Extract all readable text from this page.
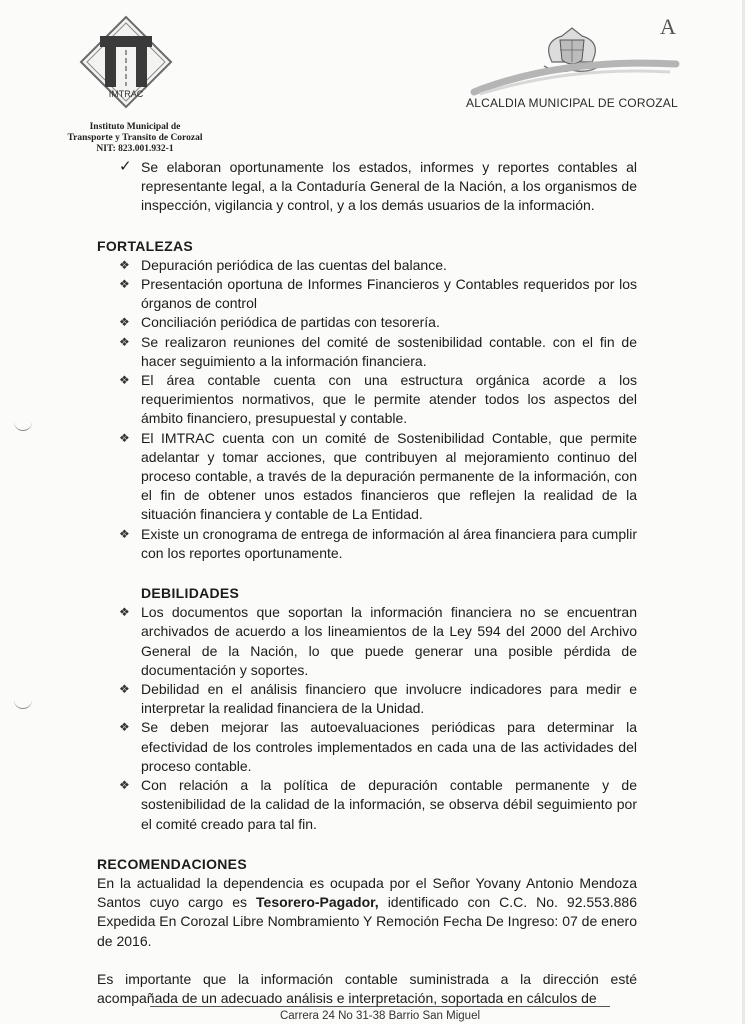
IMTRAC
Instituto Municipal de
Transporte y Transito de Corozal
NIT: 823.001.932-1
A
ALCALDIA MUNICIPAL DE COROZAL
✓ Se elaboran oportunamente los estados, informes y reportes contables al representante legal, a la Contaduría General de la Nación, a los organismos de inspección, vigilancia y control, y a los demás usuarios de la información.
FORTALEZAS
❖ Depuración periódica de las cuentas del balance.
❖ Presentación oportuna de Informes Financieros y Contables requeridos por los órganos de control
❖ Conciliación periódica de partidas con tesorería.
❖ Se realizaron reuniones del comité de sostenibilidad contable. con el fin de hacer seguimiento a la información financiera.
❖ El área contable cuenta con una estructura orgánica acorde a los requerimientos normativos, que le permite atender todos los aspectos del ámbito financiero, presupuestal y contable.
❖ El IMTRAC cuenta con un comité de Sostenibilidad Contable, que permite adelantar y tomar acciones, que contribuyen al mejoramiento continuo del proceso contable, a través de la depuración permanente de la información, con el fin de obtener unos estados financieros que reflejen la realidad de la situación financiera y contable de La Entidad.
❖ Existe un cronograma de entrega de información al área financiera para cumplir con los reportes oportunamente.
DEBILIDADES
❖ Los documentos que soportan la información financiera no se encuentran archivados de acuerdo a los lineamientos de la Ley 594 del 2000 del Archivo General de la Nación, lo que puede generar una posible pérdida de documentación y soportes.
❖ Debilidad en el análisis financiero que involucre indicadores para medir e interpretar la realidad financiera de la Unidad.
❖ Se deben mejorar las autoevaluaciones periódicas para determinar la efectividad de los controles implementados en cada una de las actividades del proceso contable.
❖ Con relación a la política de depuración contable permanente y de sostenibilidad de la calidad de la información, se observa débil seguimiento por el comité creado para tal fin.
RECOMENDACIONES
En la actualidad la dependencia es ocupada por el Señor Yovany Antonio Mendoza Santos cuyo cargo es Tesorero-Pagador, identificado con C.C. No. 92.553.886 Expedida En Corozal Libre Nombramiento Y Remoción Fecha De Ingreso: 07 de enero de 2016.
Es importante que la información contable suministrada a la dirección esté acompañada de un adecuado análisis e interpretación, soportada en cálculos de
Carrera 24 No 31-38 Barrio San Miguel
